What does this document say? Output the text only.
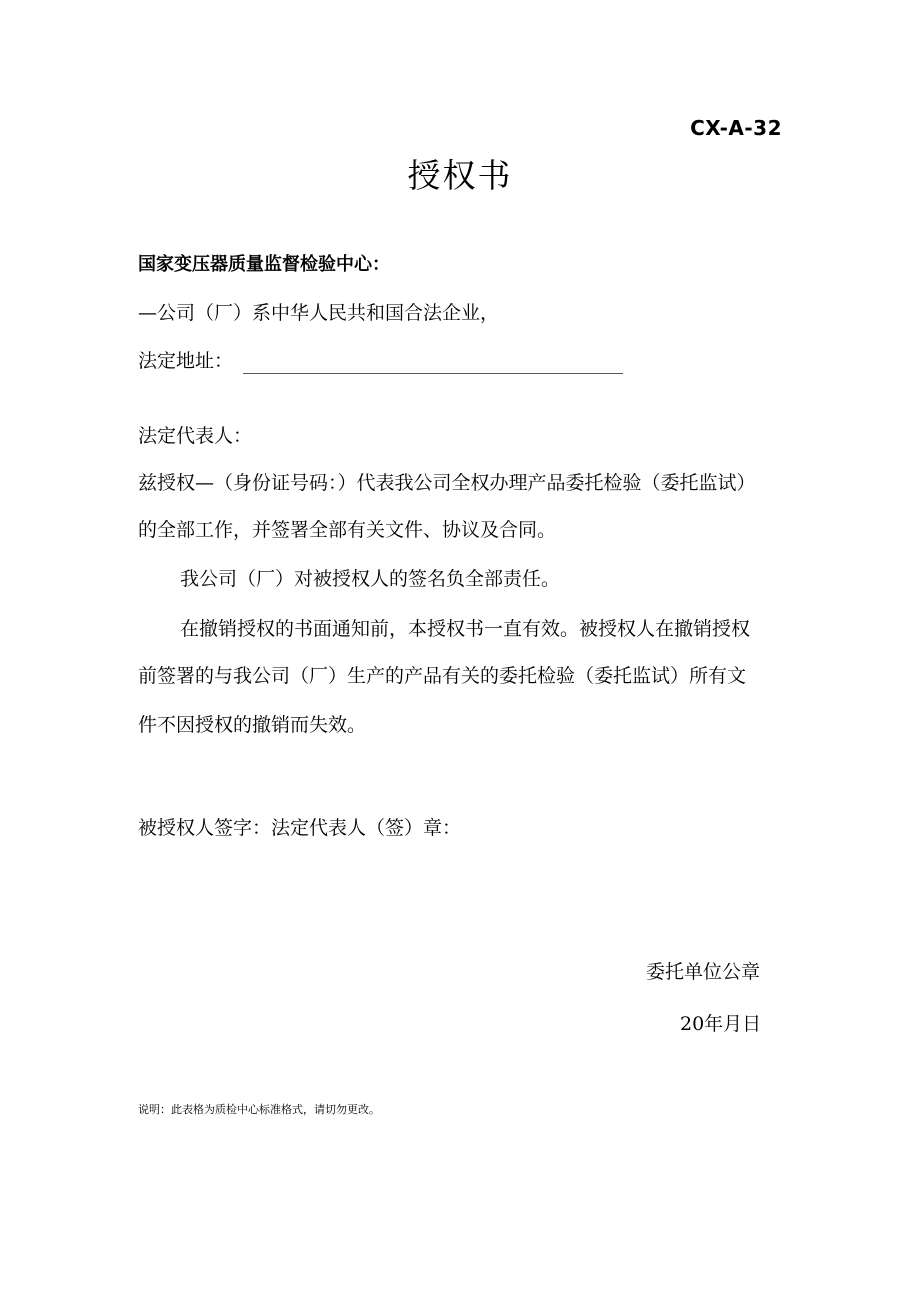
CX-A-32
授权书
国家变压器质量监督检验中心：
—公司（厂）系中华人民共和国合法企业，
法定地址：
法定代表人：
兹授权—（身份证号码：）代表我公司全权办理产品委托检验（委托监试）
的全部工作，并签署全部有关文件、协议及合同。
我公司（厂）对被授权人的签名负全部责任。
在撤销授权的书面通知前，本授权书一直有效。被授权人在撤销授权
前签署的与我公司（厂）生产的产品有关的委托检验（委托监试）所有文
件不因授权的撤销而失效。
被授权人签字：法定代表人（签）章：
委托单位公章
20年月日
说明：此表格为质检中心标准格式，请切勿更改。
